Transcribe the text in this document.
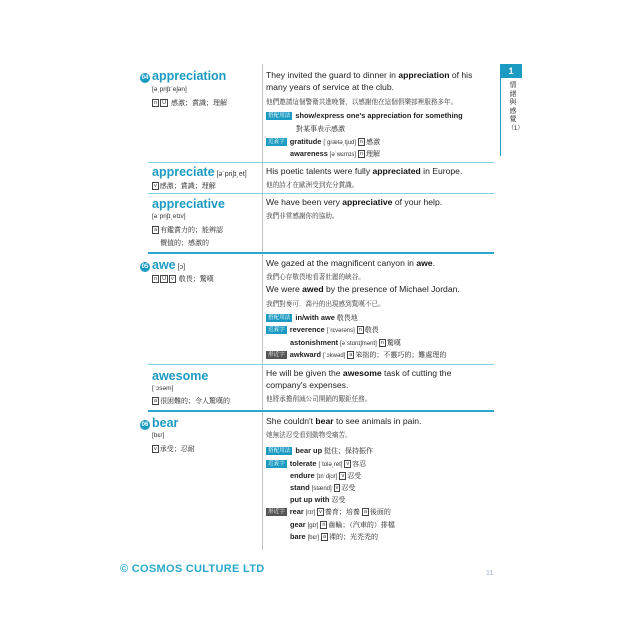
1
情
緒
與
感
覺
（1）
04 appreciation
[ə͵priʃɪˈeʃən]
n U 感激；賞識；理解
They invited the guard to dinner in appreciation of his many years of service at the club.
他們邀請這個警衛共進晚餐，以感謝他在這個俱樂部裡服務多年。
搭配用法 show/express one's appreciation for something
對某事表示感激
近義字 gratitude [ˈgrætə͵tjud] n 感激
awareness [əˈwɛrnɪs] n 理解
appreciate [əˈpriʃɪ͵et]
v 感激；賞識；理解
His poetic talents were fully appreciated in Europe.
他的詩才在歐洲受到充分賞識。
appreciative
[əˈpriʃɪ͵etɪv]
a 有鑑賞力的；能辨認
價值的；感激的
We have been very appreciative of your help.
我們非常感謝你的協助。
05 awe [ɔ]
n U v 敬畏；驚嘆
We gazed at the magnificent canyon in awe.
我們心存敬畏地看著壯麗的峽谷。
We were awed by the presence of Michael Jordan.
我們對麥可．喬丹的出現感到驚嘆不已。
搭配用法 in/with awe 敬畏地
近義字 reverence [ˈrɛvərəns] n 敬畏
astonishment [əˈstɑnɪʃmənt] n 驚嘆
形近字 awkward [ˈɔkwəd] a 笨拙的；不靈巧的；難處理的
awesome
[ˈɔsəm]
a 很困難的；令人驚嘆的
He will be given the awesome task of cutting the company's expenses.
他將承擔削減公司開銷的艱鉅任務。
06 bear
[bɛr]
v 承受；忍耐
She couldn't bear to see animals in pain.
她無法忍受看到動物受痛苦。
搭配用法 bear up 挺住；保持振作
近義字 tolerate [ˈtɑlə͵ret] v 容忍
endure [ɪnˈdjʊr] v 忍受
stand [stænd] v 忍受
put up with 忍受
形近字 rear [rɪr] v 養育；培養 a 後面的
gear [gɪr] n 齒輪；（汽車的）排檔
bare [bɛr] a 裸的；光禿禿的
© COSMOS CULTURE LTD	11
